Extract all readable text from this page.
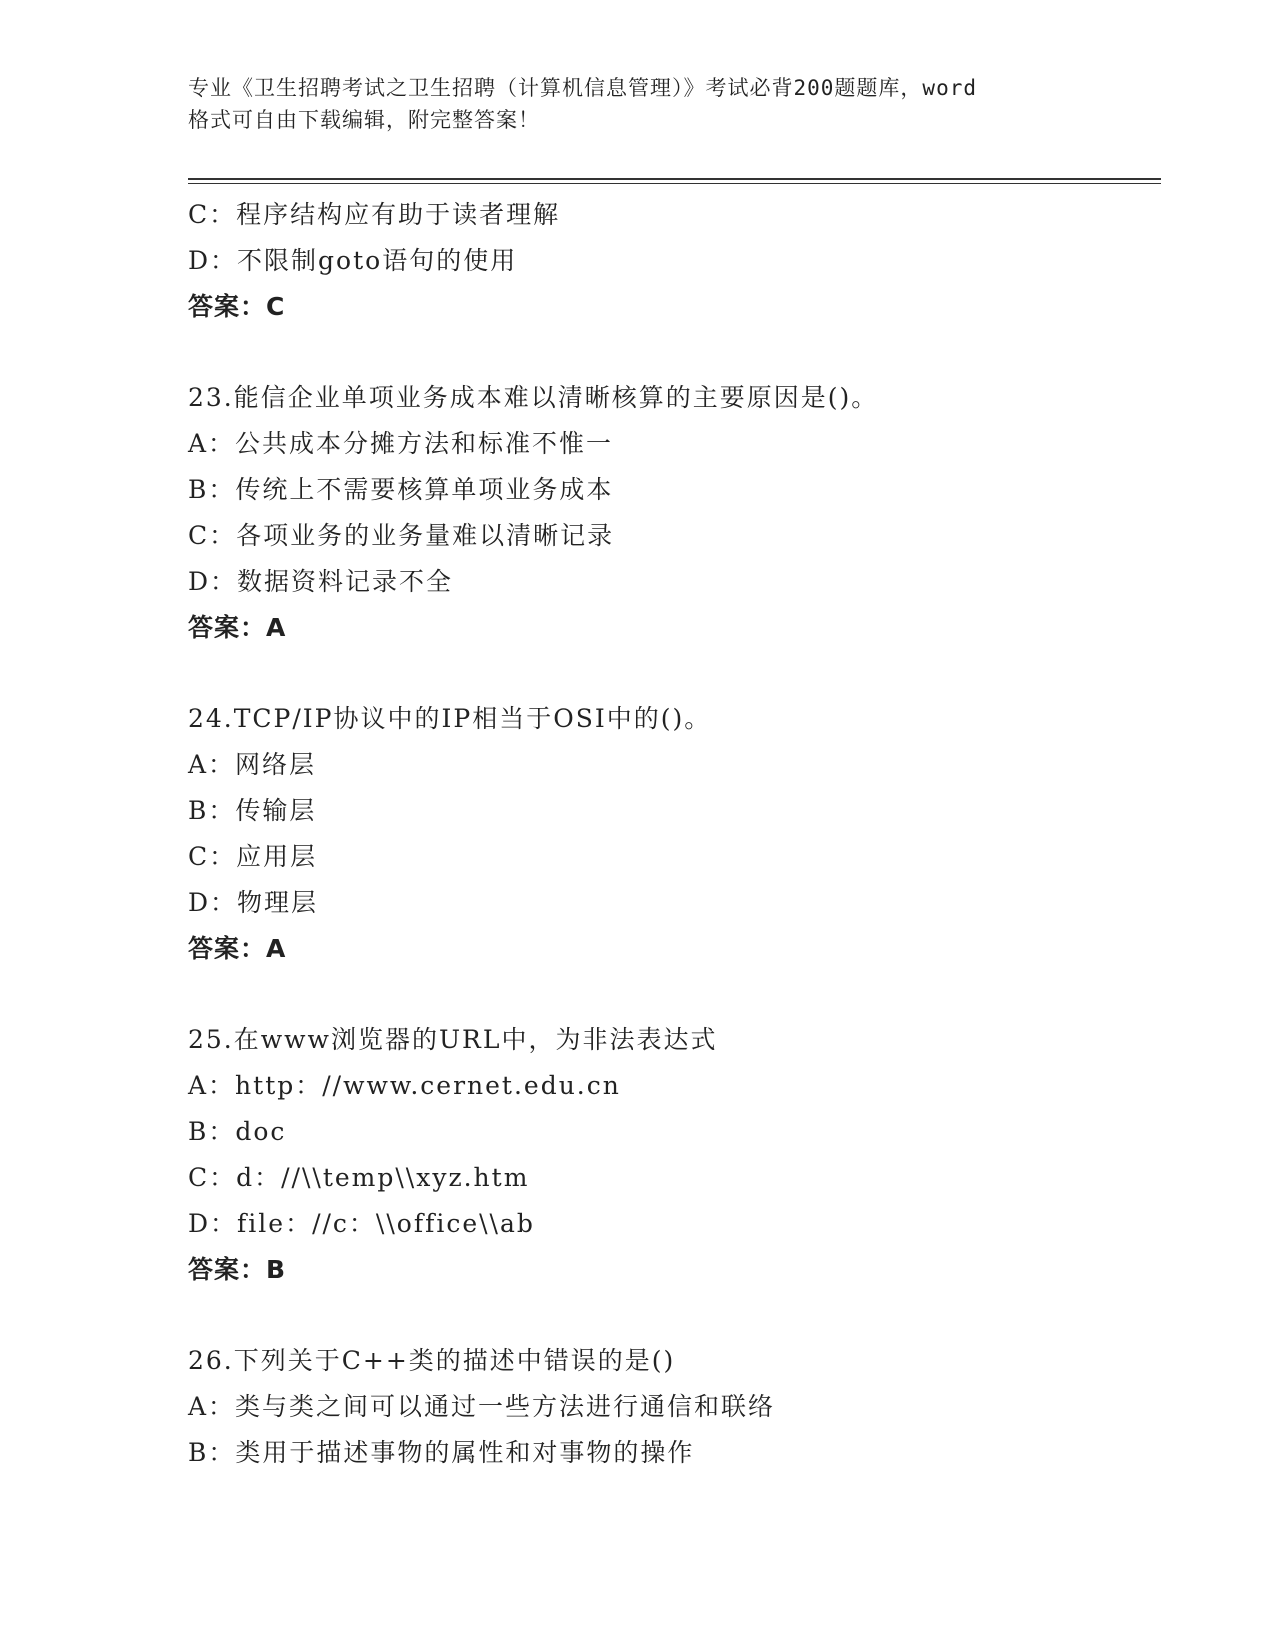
专业《卫生招聘考试之卫生招聘（计算机信息管理）》考试必背200题题库，word
格式可自由下载编辑，附完整答案！
C：程序结构应有助于读者理解
D：不限制goto语句的使用
答案：C
23.能信企业单项业务成本难以清晰核算的主要原因是()。
A：公共成本分摊方法和标准不惟一
B：传统上不需要核算单项业务成本
C：各项业务的业务量难以清晰记录
D：数据资料记录不全
答案：A
24.TCP/IP协议中的IP相当于OSI中的()。
A：网络层
B：传输层
C：应用层
D：物理层
答案：A
25.在www浏览器的URL中，为非法表达式
A：http：//www.cernet.edu.cn
B：doc
C：d：//\\temp\\xyz.htm
D：file：//c：\\office\\ab
答案：B
26.下列关于C++类的描述中错误的是()
A：类与类之间可以通过一些方法进行通信和联络
B：类用于描述事物的属性和对事物的操作
